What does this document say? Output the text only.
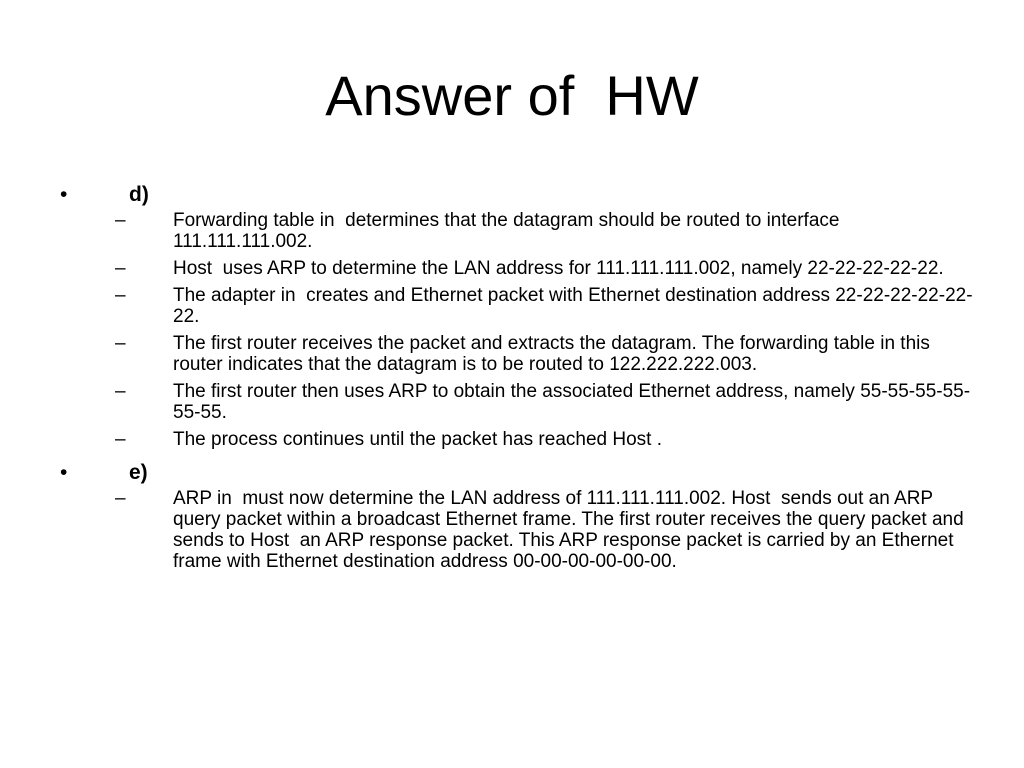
Answer of  HW
•	d)
– Forwarding table in  determines that the datagram should be routed to interface 111.111.111.002.
– Host  uses ARP to determine the LAN address for 111.111.111.002, namely 22-22-22-22-22.
– The adapter in  creates and Ethernet packet with Ethernet destination address 22-22-22-22-22-22.
– The first router receives the packet and extracts the datagram. The forwarding table in this router indicates that the datagram is to be routed to 122.222.222.003.
– The first router then uses ARP to obtain the associated Ethernet address, namely 55-55-55-55-55-55.
– The process continues until the packet has reached Host .
•	e)
– ARP in  must now determine the LAN address of 111.111.111.002. Host  sends out an ARP query packet within a broadcast Ethernet frame. The first router receives the query packet and sends to Host  an ARP response packet. This ARP response packet is carried by an Ethernet frame with Ethernet destination address 00-00-00-00-00-00.
